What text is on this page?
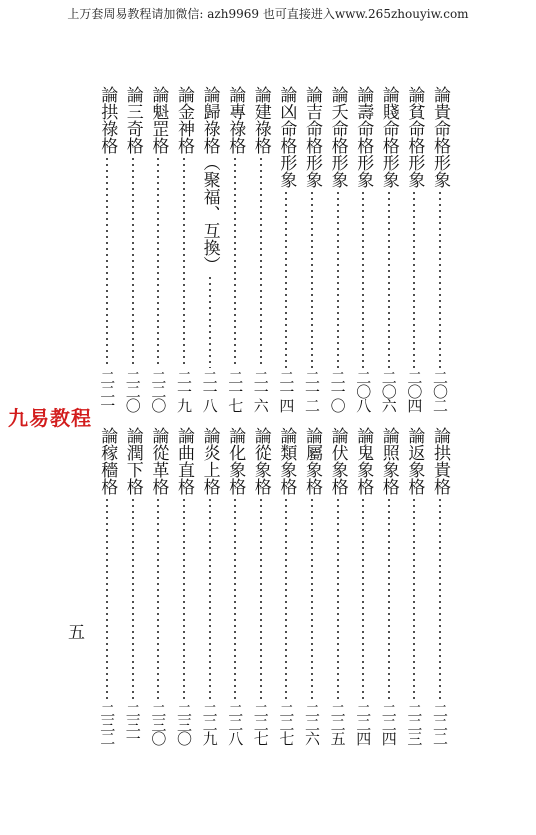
上万套周易教程请加微信: azh9969 也可直接进入www.265zhouyiw.com
九易教程
五
論貴命格形象
二〇二
論貧命格形象
二〇四
論賤命格形象
二〇六
論壽命格形象
二〇八
論夭命格形象
二一〇
論吉命格形象
二一二
論凶命格形象
二一四
論建祿格
二一六
論專祿格
二一七
論歸祿格（聚福、互換）
二一八
論金神格
二一九
論魁罡格
二二〇
論三奇格
二二〇
論拱祿格
二二一
論拱貴格
二二二
論返象格
二二三
論照象格
二二四
論鬼象格
二二四
論伏象格
二二五
論屬象格
二二六
論類象格
二二七
論從象格
二二七
論化象格
二二八
論炎上格
二二九
論曲直格
二三〇
論從革格
二三〇
論潤下格
二三一
論稼穡格
二三二
